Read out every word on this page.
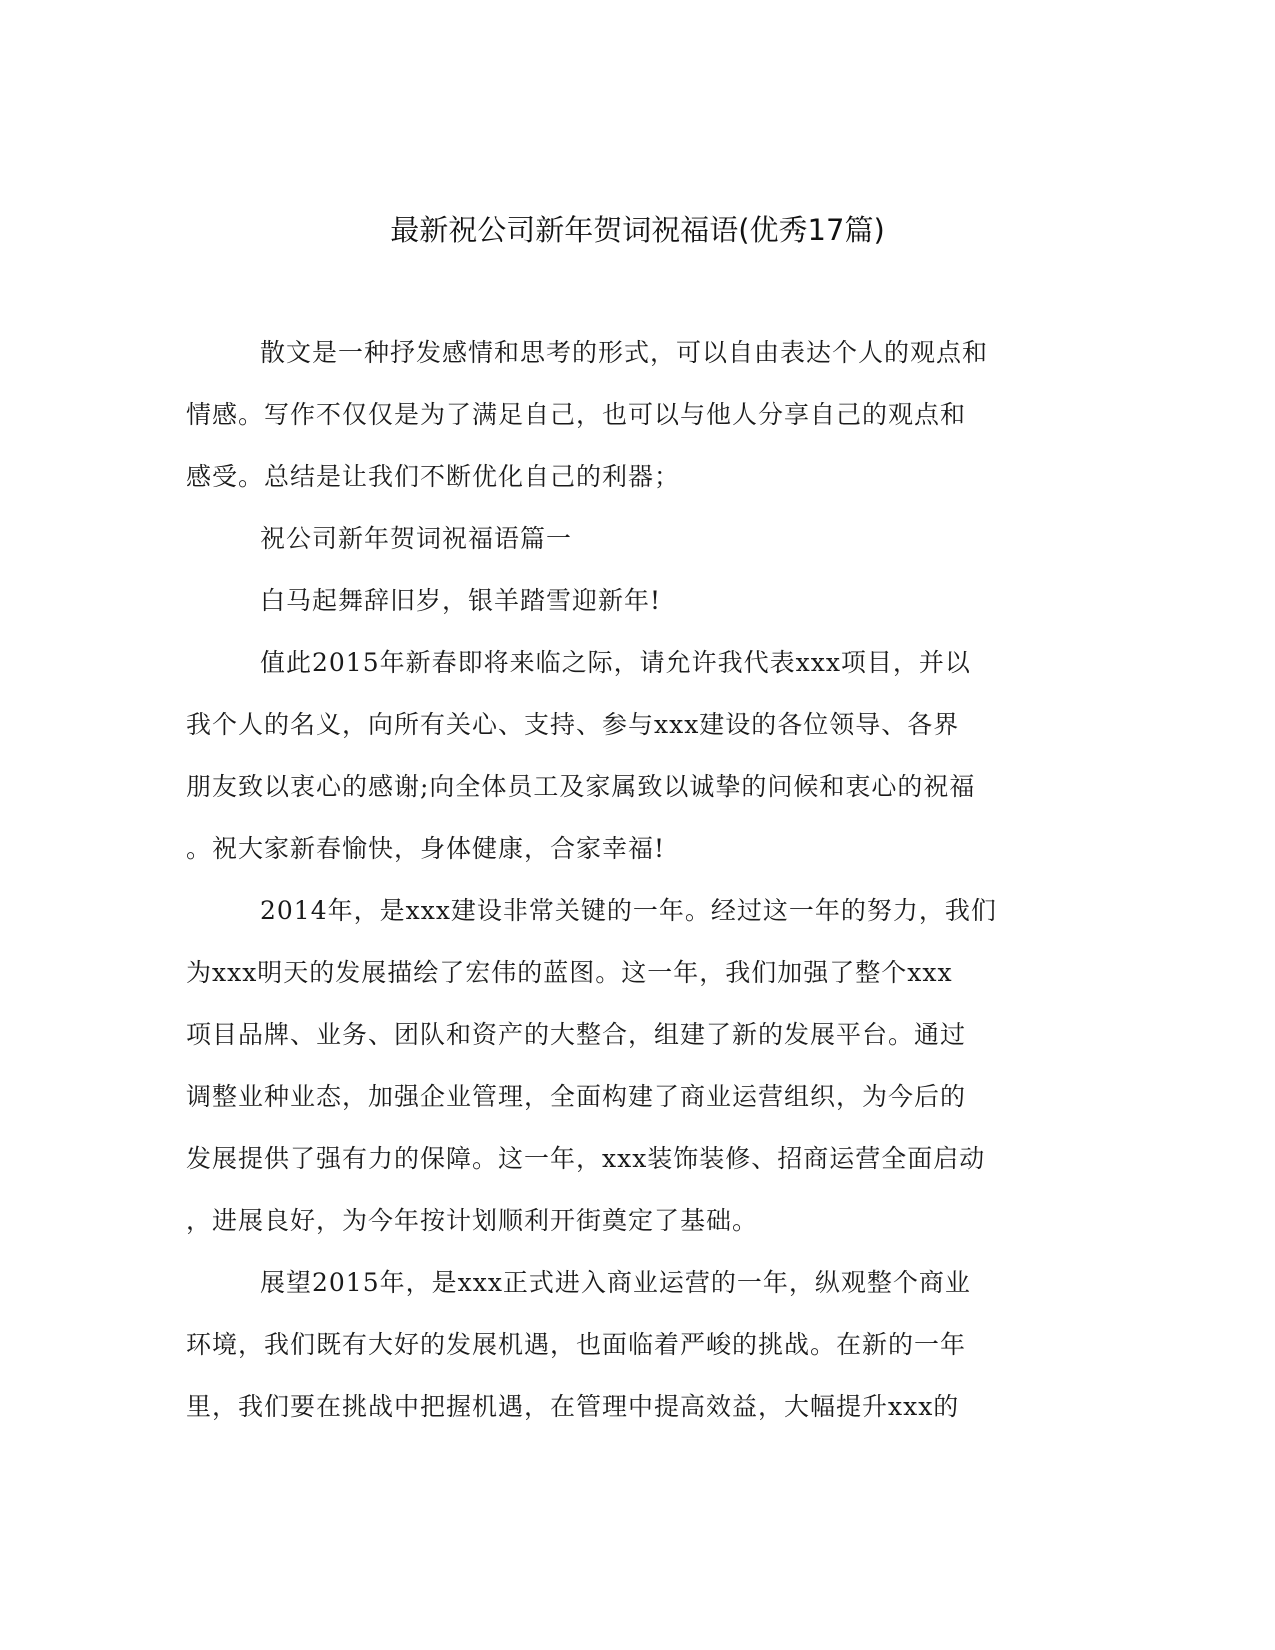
最新祝公司新年贺词祝福语(优秀17篇)
散文是一种抒发感情和思考的形式，可以自由表达个人的观点和
情感。写作不仅仅是为了满足自己，也可以与他人分享自己的观点和
感受。总结是让我们不断优化自己的利器；
祝公司新年贺词祝福语篇一
白马起舞辞旧岁，银羊踏雪迎新年!
值此2015年新春即将来临之际，请允许我代表xxx项目，并以
我个人的名义，向所有关心、支持、参与xxx建设的各位领导、各界
朋友致以衷心的感谢;向全体员工及家属致以诚挚的问候和衷心的祝福
。祝大家新春愉快，身体健康，合家幸福!
2014年，是xxx建设非常关键的一年。经过这一年的努力，我们
为xxx明天的发展描绘了宏伟的蓝图。这一年，我们加强了整个xxx
项目品牌、业务、团队和资产的大整合，组建了新的发展平台。通过
调整业种业态，加强企业管理，全面构建了商业运营组织，为今后的
发展提供了强有力的保障。这一年，xxx装饰装修、招商运营全面启动
，进展良好，为今年按计划顺利开街奠定了基础。
展望2015年，是xxx正式进入商业运营的一年，纵观整个商业
环境，我们既有大好的发展机遇，也面临着严峻的挑战。在新的一年
里，我们要在挑战中把握机遇，在管理中提高效益，大幅提升xxx的
